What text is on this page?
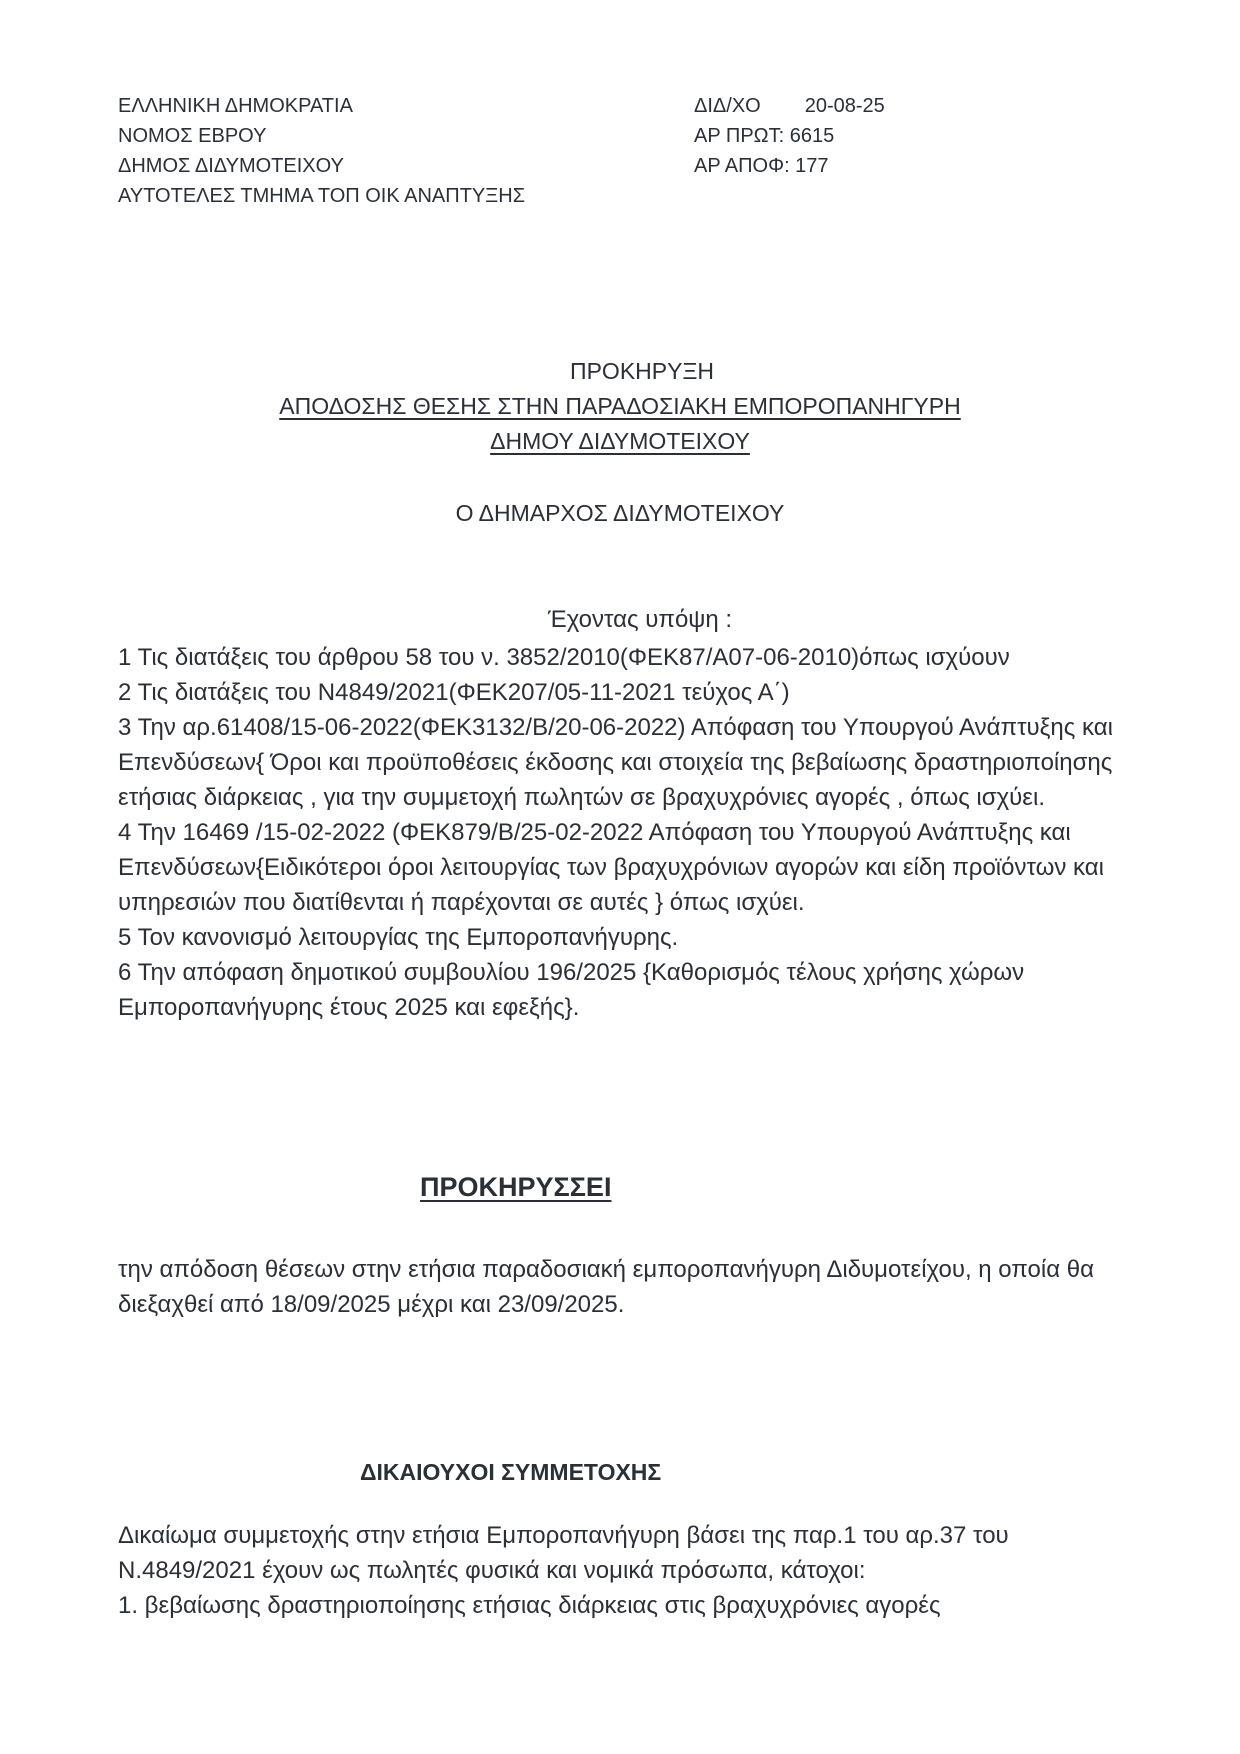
ΕΛΛΗΝΙΚΗ ΔΗΜΟΚΡΑΤΙΑ
ΝΟΜΟΣ ΕΒΡΟΥ
ΔΗΜΟΣ ΔΙΔΥΜΟΤΕΙΧΟΥ
ΑΥΤΟΤΕΛΕΣ ΤΜΗΜΑ ΤΟΠ ΟΙΚ ΑΝΑΠΤΥΞΗΣ
ΔΙΔ/ΧΟ 20-08-25
ΑΡ ΠΡΩΤ: 6615
ΑΡ ΑΠΟΦ: 177
ΠΡΟΚΗΡΥΞΗ
ΑΠΟΔΟΣΗΣ ΘΕΣΗΣ ΣΤΗΝ ΠΑΡΑΔΟΣΙΑΚΗ ΕΜΠΟΡΟΠΑΝΗΓΥΡΗ
ΔΗΜΟΥ ΔΙΔΥΜΟΤΕΙΧΟΥ
Ο ΔΗΜΑΡΧΟΣ ΔΙΔΥΜΟΤΕΙΧΟΥ
Έχοντας υπόψη :
1 Τις διατάξεις του άρθρου 58 του ν. 3852/2010(ΦΕΚ87/Α07-06-2010)όπως ισχύουν
2 Τις διατάξεις του Ν4849/2021(ΦΕΚ207/05-11-2021 τεύχος Α΄)
3 Την αρ.61408/15-06-2022(ΦΕΚ3132/Β/20-06-2022) Απόφαση του Υπουργού Ανάπτυξης και Επενδύσεων{ Όροι και προϋποθέσεις έκδοσης και στοιχεία της βεβαίωσης δραστηριοποίησης ετήσιας διάρκειας , για την συμμετοχή πωλητών σε βραχυχρόνιες αγορές , όπως ισχύει.
4 Την 16469 /15-02-2022 (ΦΕΚ879/Β/25-02-2022 Απόφαση του Υπουργού Ανάπτυξης και Επενδύσεων{Ειδικότεροι όροι λειτουργίας των βραχυχρόνιων αγορών και είδη προϊόντων και υπηρεσιών που διατίθενται ή παρέχονται σε αυτές } όπως ισχύει.
5 Τον κανονισμό λειτουργίας της Εμποροπανήγυρης.
6 Την απόφαση δημοτικού συμβουλίου 196/2025 {Καθορισμός τέλους χρήσης χώρων Εμποροπανήγυρης έτους 2025 και εφεξής}.
ΠΡΟΚΗΡΥΣΣΕΙ
την απόδοση θέσεων στην ετήσια παραδοσιακή εμποροπανήγυρη Διδυμοτείχου, η οποία θα διεξαχθεί από 18/09/2025 μέχρι και 23/09/2025.
ΔΙΚΑΙΟΥΧΟΙ ΣΥΜΜΕΤΟΧΗΣ
Δικαίωμα συμμετοχής στην ετήσια Εμποροπανήγυρη βάσει της παρ.1 του αρ.37 του Ν.4849/2021 έχουν ως πωλητές φυσικά και νομικά πρόσωπα, κάτοχοι:
1. βεβαίωσης δραστηριοποίησης ετήσιας διάρκειας στις βραχυχρόνιες αγορές
